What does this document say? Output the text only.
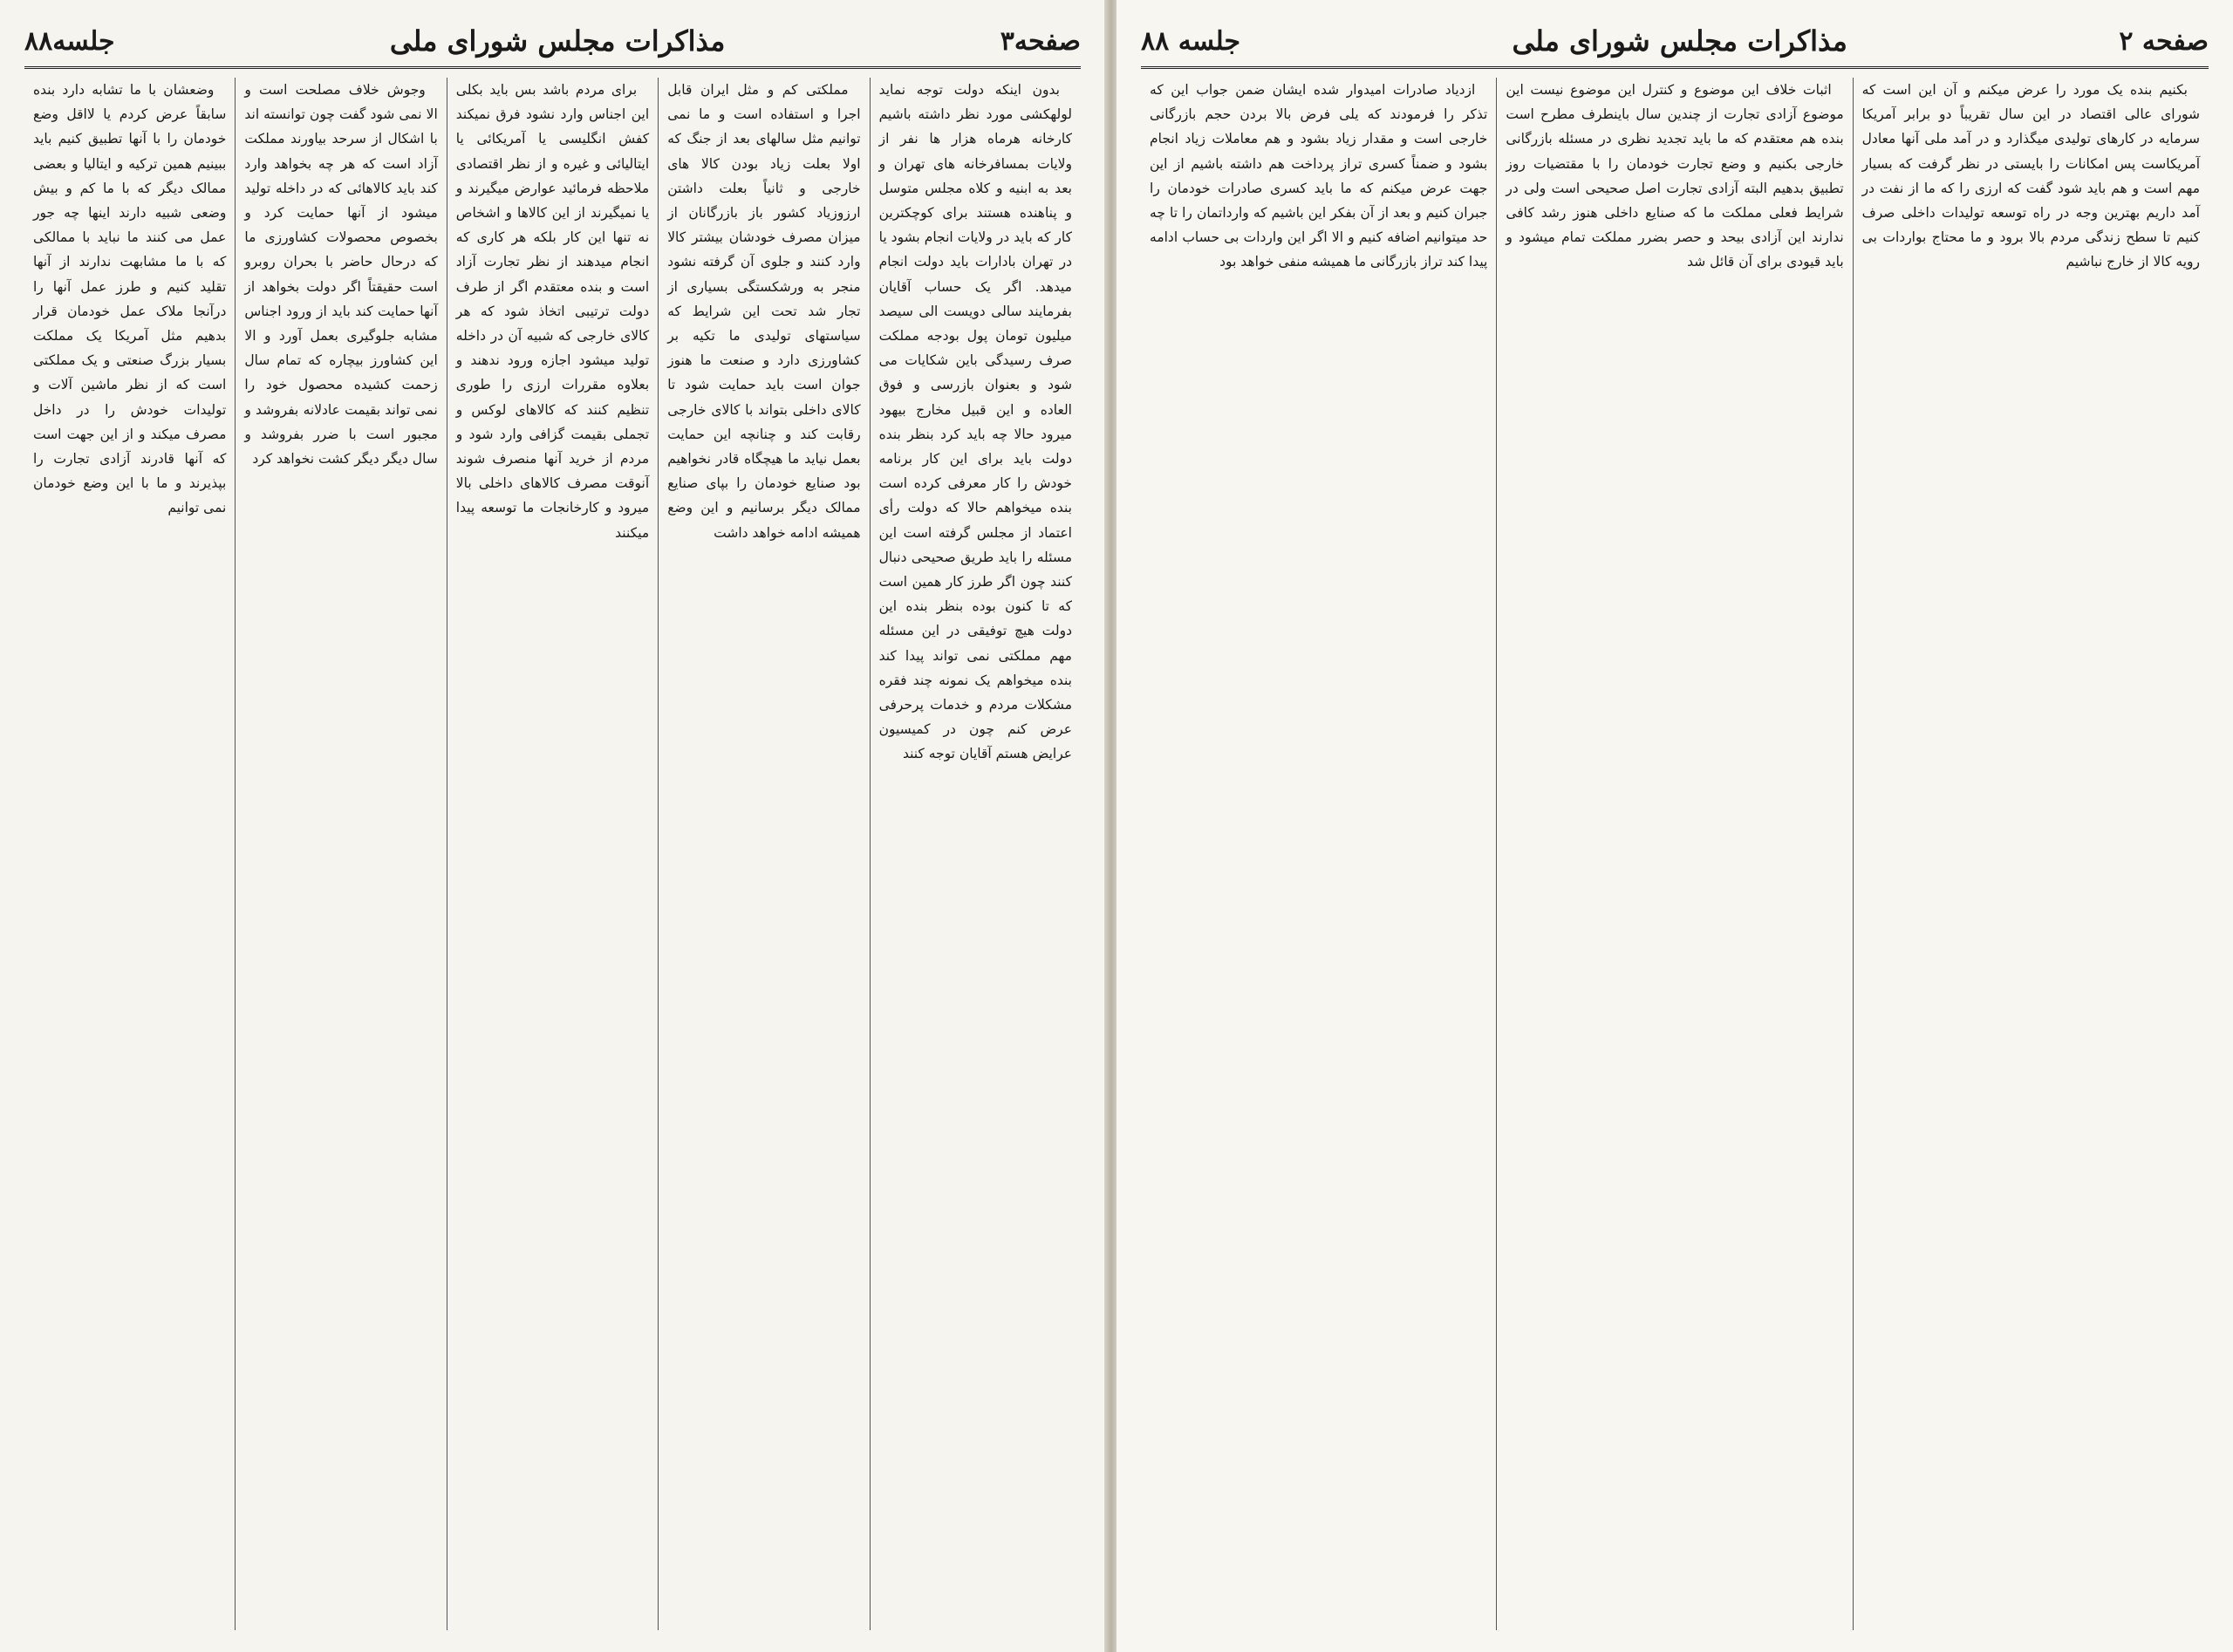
صفحه۳
مذاکرات مجلس شورای ملی
جلسه۸۸

بدون اینکه دولت توجه نماید لولهکشی مورد نظر داشته باشیم کارخانه هرماه هزار ها نفر از ولایات بمسافرخانه های تهران و بعد به ابنیه و کلاه مجلس متوسل و پناهنده هستند برای کوچکترین کار که باید در ولایات انجام بشود یا در تهران بادارات باید دولت انجام میدهد. اگر یک حساب آقایان بفرمایند سالی دویست الی سیصد میلیون تومان پول بودجه مملکت صرف رسیدگی باین شکایات می شود و بعنوان بازرسی و فوق العاده و این قبیل مخارج بیهود میرود حالا چه باید کرد بنظر بنده دولت باید برای این کار برنامه خودش را کار معرفی کرده است بنده میخواهم حالا که دولت رأی اعتماد از مجلس گرفته است این مسئله را باید طریق صحیحی دنبال کنند چون اگر طرز کار همین است که تا کنون بوده بنظر بنده این دولت هیچ توفیقی در این مسئله مهم مملکتی نمی تواند پیدا کند بنده میخواهم یک نمونه چند فقره مشکلات مردم و خدمات پرحرفی عرض کنم چون در کمیسیون عرایض هستم آقایان توجه کنند

مملکتی کم و مثل ایران قابل اجرا و استفاده است و ما نمی توانیم مثل سالهای بعد از جنگ که اولا بعلت زیاد بودن کالا های خارجی و ثانیاً بعلت داشتن ارزوزیاد کشور باز بازرگانان از میزان مصرف خودشان بیشتر کالا وارد کنند و جلوی آن گرفته نشود منجر به ورشکستگی بسیاری از تجار شد تحت این شرایط که سیاستهای تولیدی ما تکیه بر کشاورزی دارد و صنعت ما هنوز جوان است باید حمایت شود تا کالای داخلی بتواند با کالای خارجی رقابت کند و چنانچه این حمایت بعمل نیاید ما هیچگاه قادر نخواهیم بود صنایع خودمان را بپای صنایع ممالک دیگر برسانیم و این وضع همیشه ادامه خواهد داشت

برای مردم باشد بس باید بکلی این اجناس وارد نشود فرق نمیکند کفش انگلیسی یا آمریکائی یا ایتالیائی و غیره و از نظر اقتصادی ملاحظه فرمائید عوارض میگیرند و یا نمیگیرند از این کالاها و اشخاص نه تنها این کار بلکه هر کاری که انجام میدهند از نظر تجارت آزاد است و بنده معتقدم اگر از طرف دولت ترتیبی اتخاذ شود که هر کالای خارجی که شبیه آن در داخله تولید میشود اجازه ورود ندهند و بعلاوه مقررات ارزی را طوری تنظیم کنند که کالاهای لوکس و تجملی بقیمت گزافی وارد شود و مردم از خرید آنها منصرف شوند آنوقت مصرف کالاهای داخلی بالا میرود و کارخانجات ما توسعه پیدا میکنند

وجوش خلاف مصلحت است و الا نمی شود گفت چون توانسته اند با اشکال از سرحد بیاورند مملکت آزاد است که هر چه بخواهد وارد کند باید کالاهائی که در داخله تولید میشود از آنها حمایت کرد و بخصوص محصولات کشاورزی ما که درحال حاضر با بحران روبرو است حقیقتاً اگر دولت بخواهد از آنها حمایت کند باید از ورود اجناس مشابه جلوگیری بعمل آورد و الا این کشاورز بیچاره که تمام سال زحمت کشیده محصول خود را نمی تواند بقیمت عادلانه بفروشد و مجبور است با ضرر بفروشد و سال دیگر دیگر کشت نخواهد کرد

وضعشان با ما تشابه دارد بنده سابقاً عرض کردم یا لااقل وضع خودمان را با آنها تطبیق کنیم باید ببینیم همین ترکیه و ایتالیا و بعضی ممالک دیگر که با ما کم و بیش وضعی شبیه دارند اینها چه جور عمل می کنند ما نباید با ممالکی که با ما مشابهت ندارند از آنها تقلید کنیم و طرز عمل آنها را درآنجا ملاک عمل خودمان قرار بدهیم مثل آمریکا یک مملکت بسیار بزرگ صنعتی و یک مملکتی است که از نظر ماشین آلات و تولیدات خودش را در داخل مصرف میکند و از این جهت است که آنها قادرند آزادی تجارت را بپذیرند و ما با این وضع خودمان نمی توانیم

صفحه ۲
مذاکرات مجلس شورای ملی
جلسه ۸۸

بکنیم بنده یک مورد را عرض میکنم و آن این است که شورای عالی اقتصاد در این سال تقریباً دو برابر آمریکا سرمایه در کارهای تولیدی میگذارد و در آمد ملی آنها معادل آمریکاست پس امکانات را بایستی در نظر گرفت که بسیار مهم است و هم باید شود گفت که ارزی را که ما از نفت در آمد داریم بهترین وجه در راه توسعه تولیدات داخلی صرف کنیم تا سطح زندگی مردم بالا برود و ما محتاج بواردات بی رویه کالا از خارج نباشیم

اثبات خلاف این موضوع و کنترل این موضوع نیست این موضوع آزادی تجارت از چندین سال باینطرف مطرح است بنده هم معتقدم که ما باید تجدید نظری در مسئله بازرگانی خارجی بکنیم و وضع تجارت خودمان را با مقتضیات روز تطبیق بدهیم البته آزادی تجارت اصل صحیحی است ولی در شرایط فعلی مملکت ما که صنایع داخلی هنوز رشد کافی ندارند این آزادی بیحد و حصر بضرر مملکت تمام میشود و باید قیودی برای آن قائل شد

ازدیاد صادرات امیدوار شده ایشان ضمن جواب این که تذکر را فرمودند که یلی فرض بالا بردن حجم بازرگانی خارجی است و مقدار زیاد بشود و هم معاملات زیاد انجام بشود و ضمناً کسری تراز پرداخت هم داشته باشیم از این جهت عرض میکنم که ما باید کسری صادرات خودمان را جبران کنیم و بعد از آن بفکر این باشیم که وارداتمان را تا چه حد میتوانیم اضافه کنیم و الا اگر این واردات بی حساب ادامه پیدا کند تراز بازرگانی ما همیشه منفی خواهد بود
